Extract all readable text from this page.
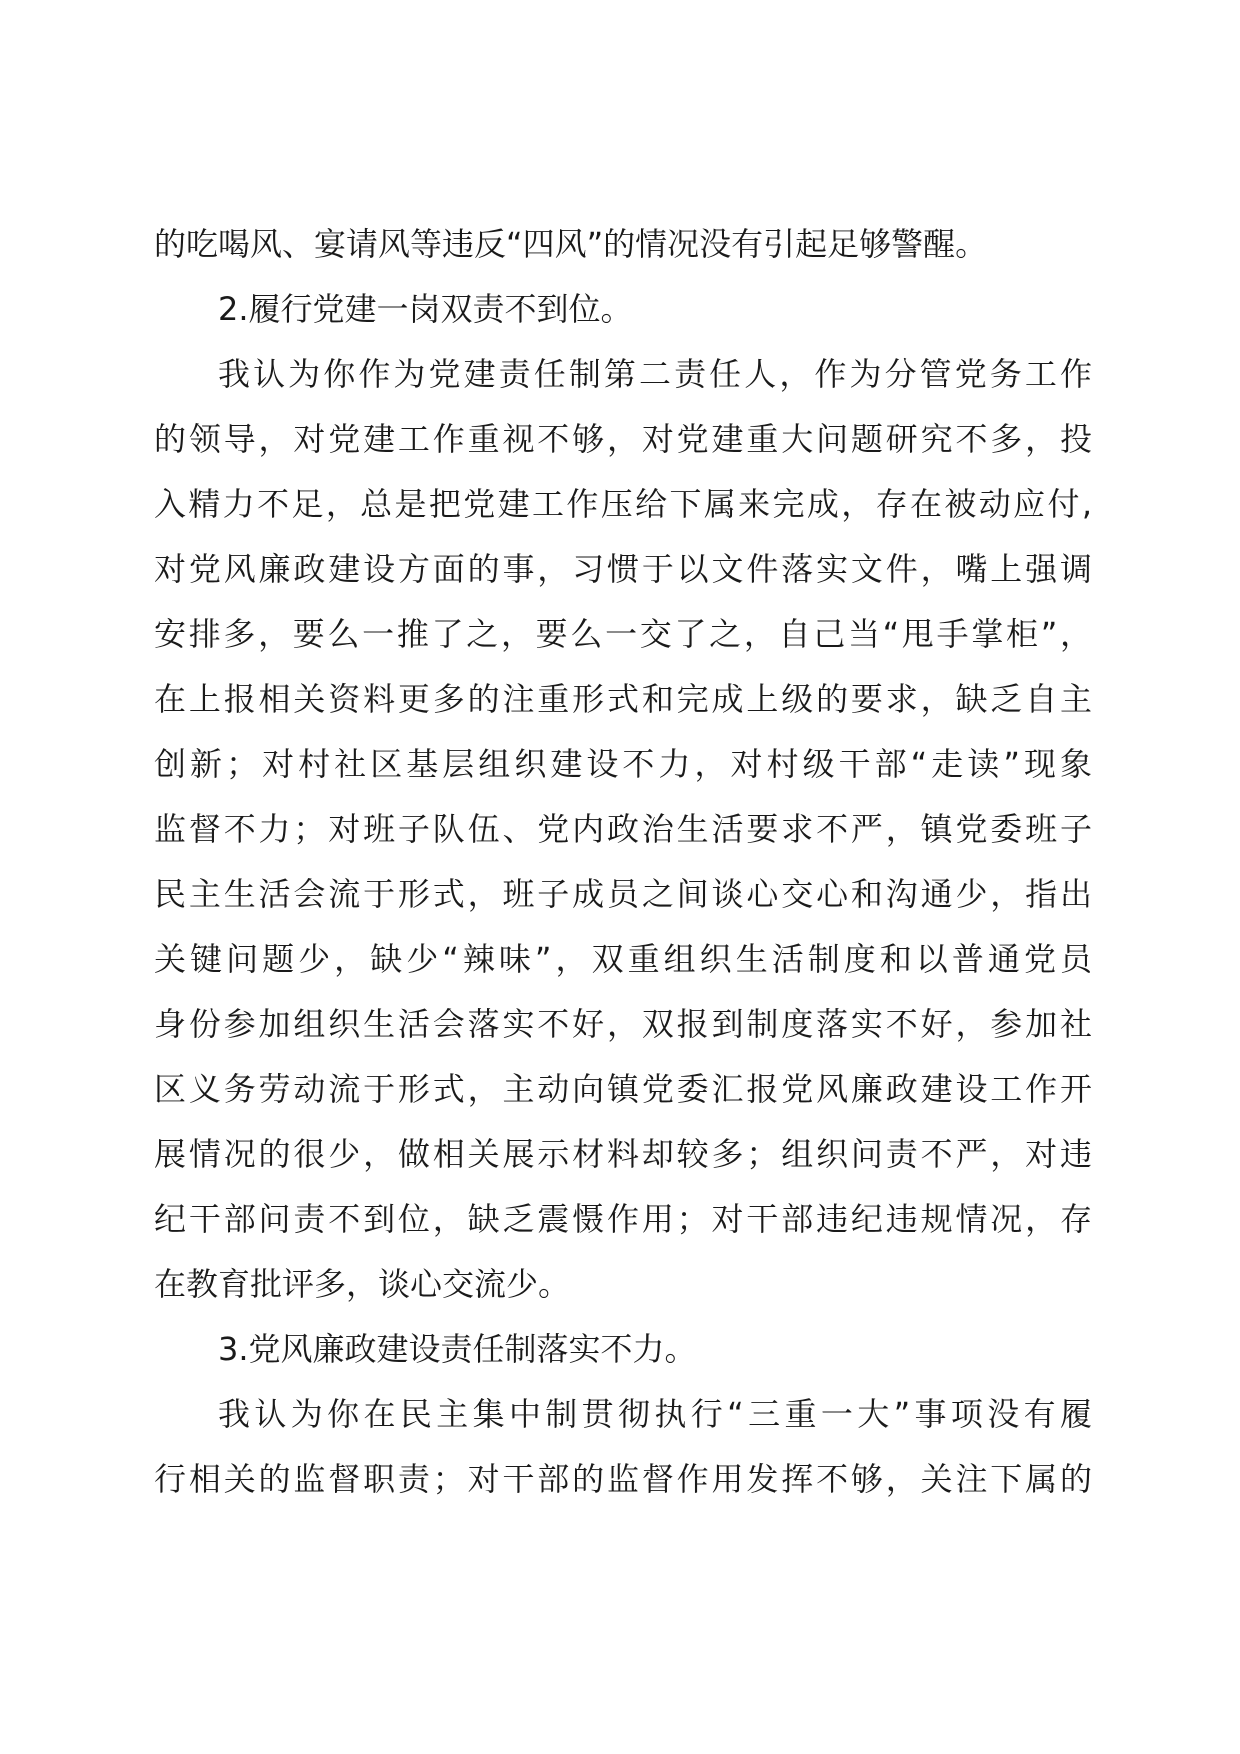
的吃喝风、宴请风等违反“四风”的情况没有引起足够警醒。
2.履行党建一岗双责不到位。
我认为你作为党建责任制第二责任人，作为分管党务工作
的领导，对党建工作重视不够，对党建重大问题研究不多，投
入精力不足，总是把党建工作压给下属来完成，存在被动应付,
对党风廉政建设方面的事，习惯于以文件落实文件，嘴上强调
安排多，要么一推了之，要么一交了之，自己当“甩手掌柜”，
在上报相关资料更多的注重形式和完成上级的要求，缺乏自主
创新；对村社区基层组织建设不力，对村级干部“走读”现象
监督不力；对班子队伍、党内政治生活要求不严，镇党委班子
民主生活会流于形式，班子成员之间谈心交心和沟通少，指出
关键问题少，缺少“辣味”，双重组织生活制度和以普通党员
身份参加组织生活会落实不好，双报到制度落实不好，参加社
区义务劳动流于形式，主动向镇党委汇报党风廉政建设工作开
展情况的很少，做相关展示材料却较多；组织问责不严，对违
纪干部问责不到位，缺乏震慑作用；对干部违纪违规情况，存
在教育批评多，谈心交流少。
3.党风廉政建设责任制落实不力。
我认为你在民主集中制贯彻执行“三重一大”事项没有履
行相关的监督职责；对干部的监督作用发挥不够，关注下属的
